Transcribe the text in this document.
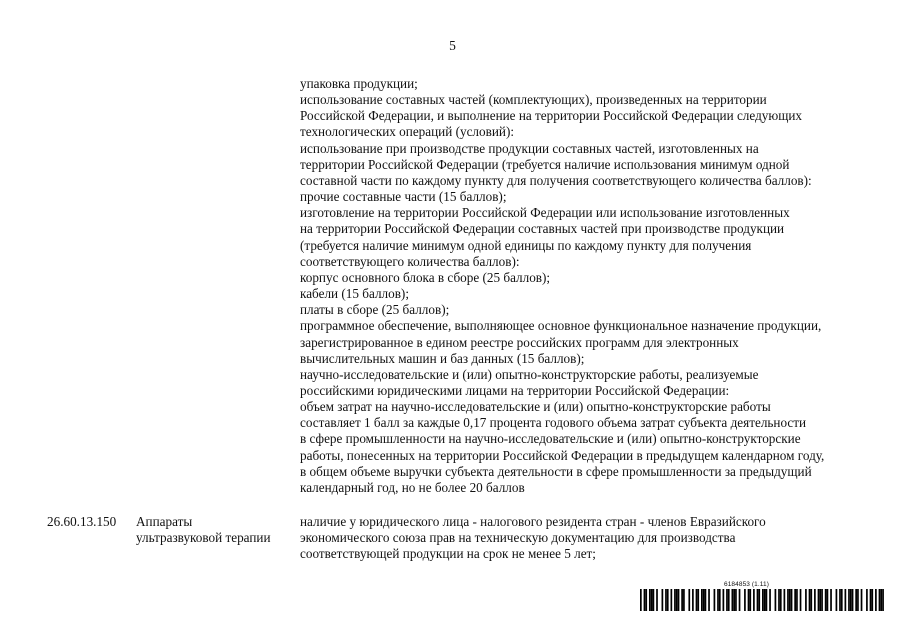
5
упаковка продукции;
использование составных частей (комплектующих), произведенных на территории
Российской Федерации, и выполнение на территории Российской Федерации следующих
технологических операций (условий):
использование при производстве продукции составных частей, изготовленных на
территории Российской Федерации (требуется наличие использования минимум одной
составной части по каждому пункту для получения соответствующего количества баллов):
прочие составные части (15 баллов);
изготовление на территории Российской Федерации или использование изготовленных
на территории Российской Федерации составных частей при производстве продукции
(требуется наличие минимум одной единицы по каждому пункту для получения
соответствующего количества баллов):
корпус основного блока в сборе (25 баллов);
кабели (15 баллов);
платы в сборе (25 баллов);
программное обеспечение, выполняющее основное функциональное назначение продукции,
зарегистрированное в едином реестре российских программ для электронных
вычислительных машин и баз данных (15 баллов);
научно-исследовательские и (или) опытно-конструкторские работы, реализуемые
российскими юридическими лицами на территории Российской Федерации:
объем затрат на научно-исследовательские и (или) опытно-конструкторские работы
составляет 1 балл за каждые 0,17 процента годового объема затрат субъекта деятельности
в сфере промышленности на научно-исследовательские и (или) опытно-конструкторские
работы, понесенных на территории Российской Федерации в предыдущем календарном году,
в общем объеме выручки субъекта деятельности в сфере промышленности за предыдущий
календарный год, но не более 20 баллов
26.60.13.150 Аппараты
ультразвуковой терапии
наличие у юридического лица - налогового резидента стран - членов Евразийского
экономического союза прав на техническую документацию для производства
соответствующей продукции на срок не менее 5 лет;
6184853 (1.11)
